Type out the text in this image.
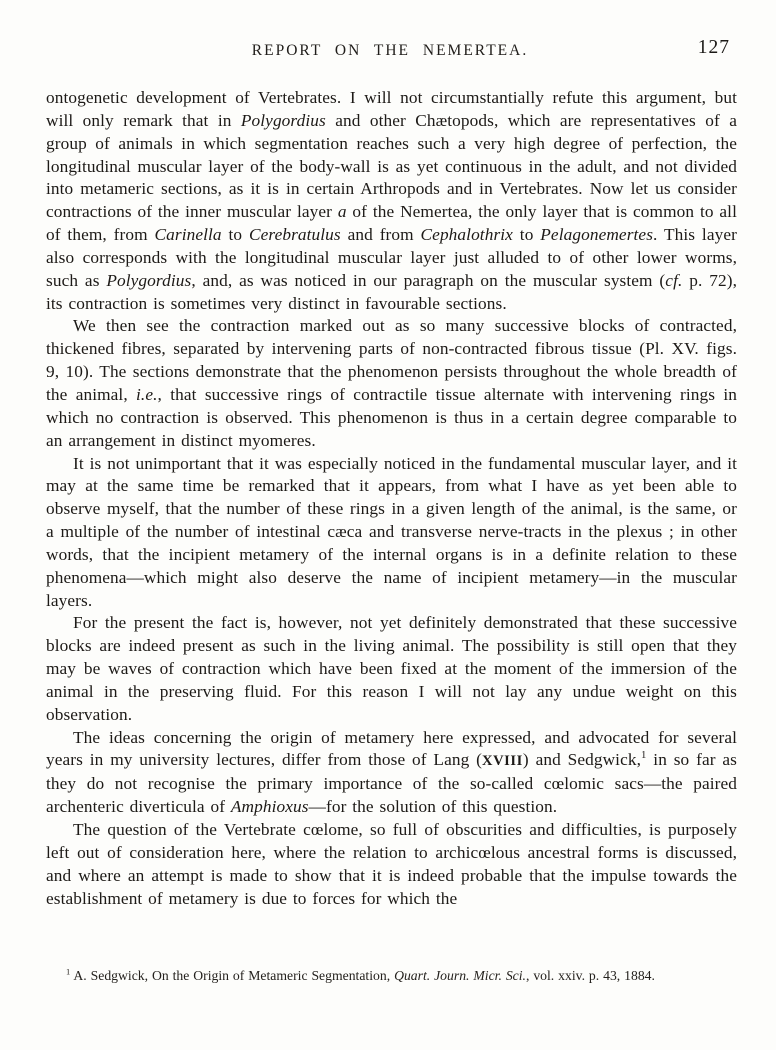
REPORT ON THE NEMERTEA.	127

ontogenetic development of Vertebrates. I will not circumstantially refute this argument, but will only remark that in Polygordius and other Chætopods, which are representatives of a group of animals in which segmentation reaches such a very high degree of perfection, the longitudinal muscular layer of the body-wall is as yet continuous in the adult, and not divided into metameric sections, as it is in certain Arthropods and in Vertebrates. Now let us consider contractions of the inner muscular layer a of the Nemertea, the only layer that is common to all of them, from Carinella to Cerebratulus and from Cephalothrix to Pelagonemertes. This layer also corresponds with the longitudinal muscular layer just alluded to of other lower worms, such as Polygordius, and, as was noticed in our paragraph on the muscular system (cf. p. 72), its contraction is sometimes very distinct in favourable sections.

We then see the contraction marked out as so many successive blocks of contracted, thickened fibres, separated by intervening parts of non-contracted fibrous tissue (Pl. XV. figs. 9, 10). The sections demonstrate that the phenomenon persists throughout the whole breadth of the animal, i.e., that successive rings of contractile tissue alternate with intervening rings in which no contraction is observed. This phenomenon is thus in a certain degree comparable to an arrangement in distinct myomeres.

It is not unimportant that it was especially noticed in the fundamental muscular layer, and it may at the same time be remarked that it appears, from what I have as yet been able to observe myself, that the number of these rings in a given length of the animal, is the same, or a multiple of the number of intestinal cæca and transverse nerve-tracts in the plexus ; in other words, that the incipient metamery of the internal organs is in a definite relation to these phenomena—which might also deserve the name of incipient metamery—in the muscular layers.

For the present the fact is, however, not yet definitely demonstrated that these successive blocks are indeed present as such in the living animal. The possibility is still open that they may be waves of contraction which have been fixed at the moment of the immersion of the animal in the preserving fluid. For this reason I will not lay any undue weight on this observation.

The ideas concerning the origin of metamery here expressed, and advocated for several years in my university lectures, differ from those of Lang (XVIII) and Sedgwick,$^1$ in so far as they do not recognise the primary importance of the so-called cœlomic sacs—the paired archenteric diverticula of Amphioxus—for the solution of this question.

The question of the Vertebrate cœlome, so full of obscurities and difficulties, is purposely left out of consideration here, where the relation to archicœlous ancestral forms is discussed, and where an attempt is made to show that it is indeed probable that the impulse towards the establishment of metamery is due to forces for which the

$^1$ A. Sedgwick, On the Origin of Metameric Segmentation, Quart. Journ. Micr. Sci., vol. xxiv. p. 43, 1884.
